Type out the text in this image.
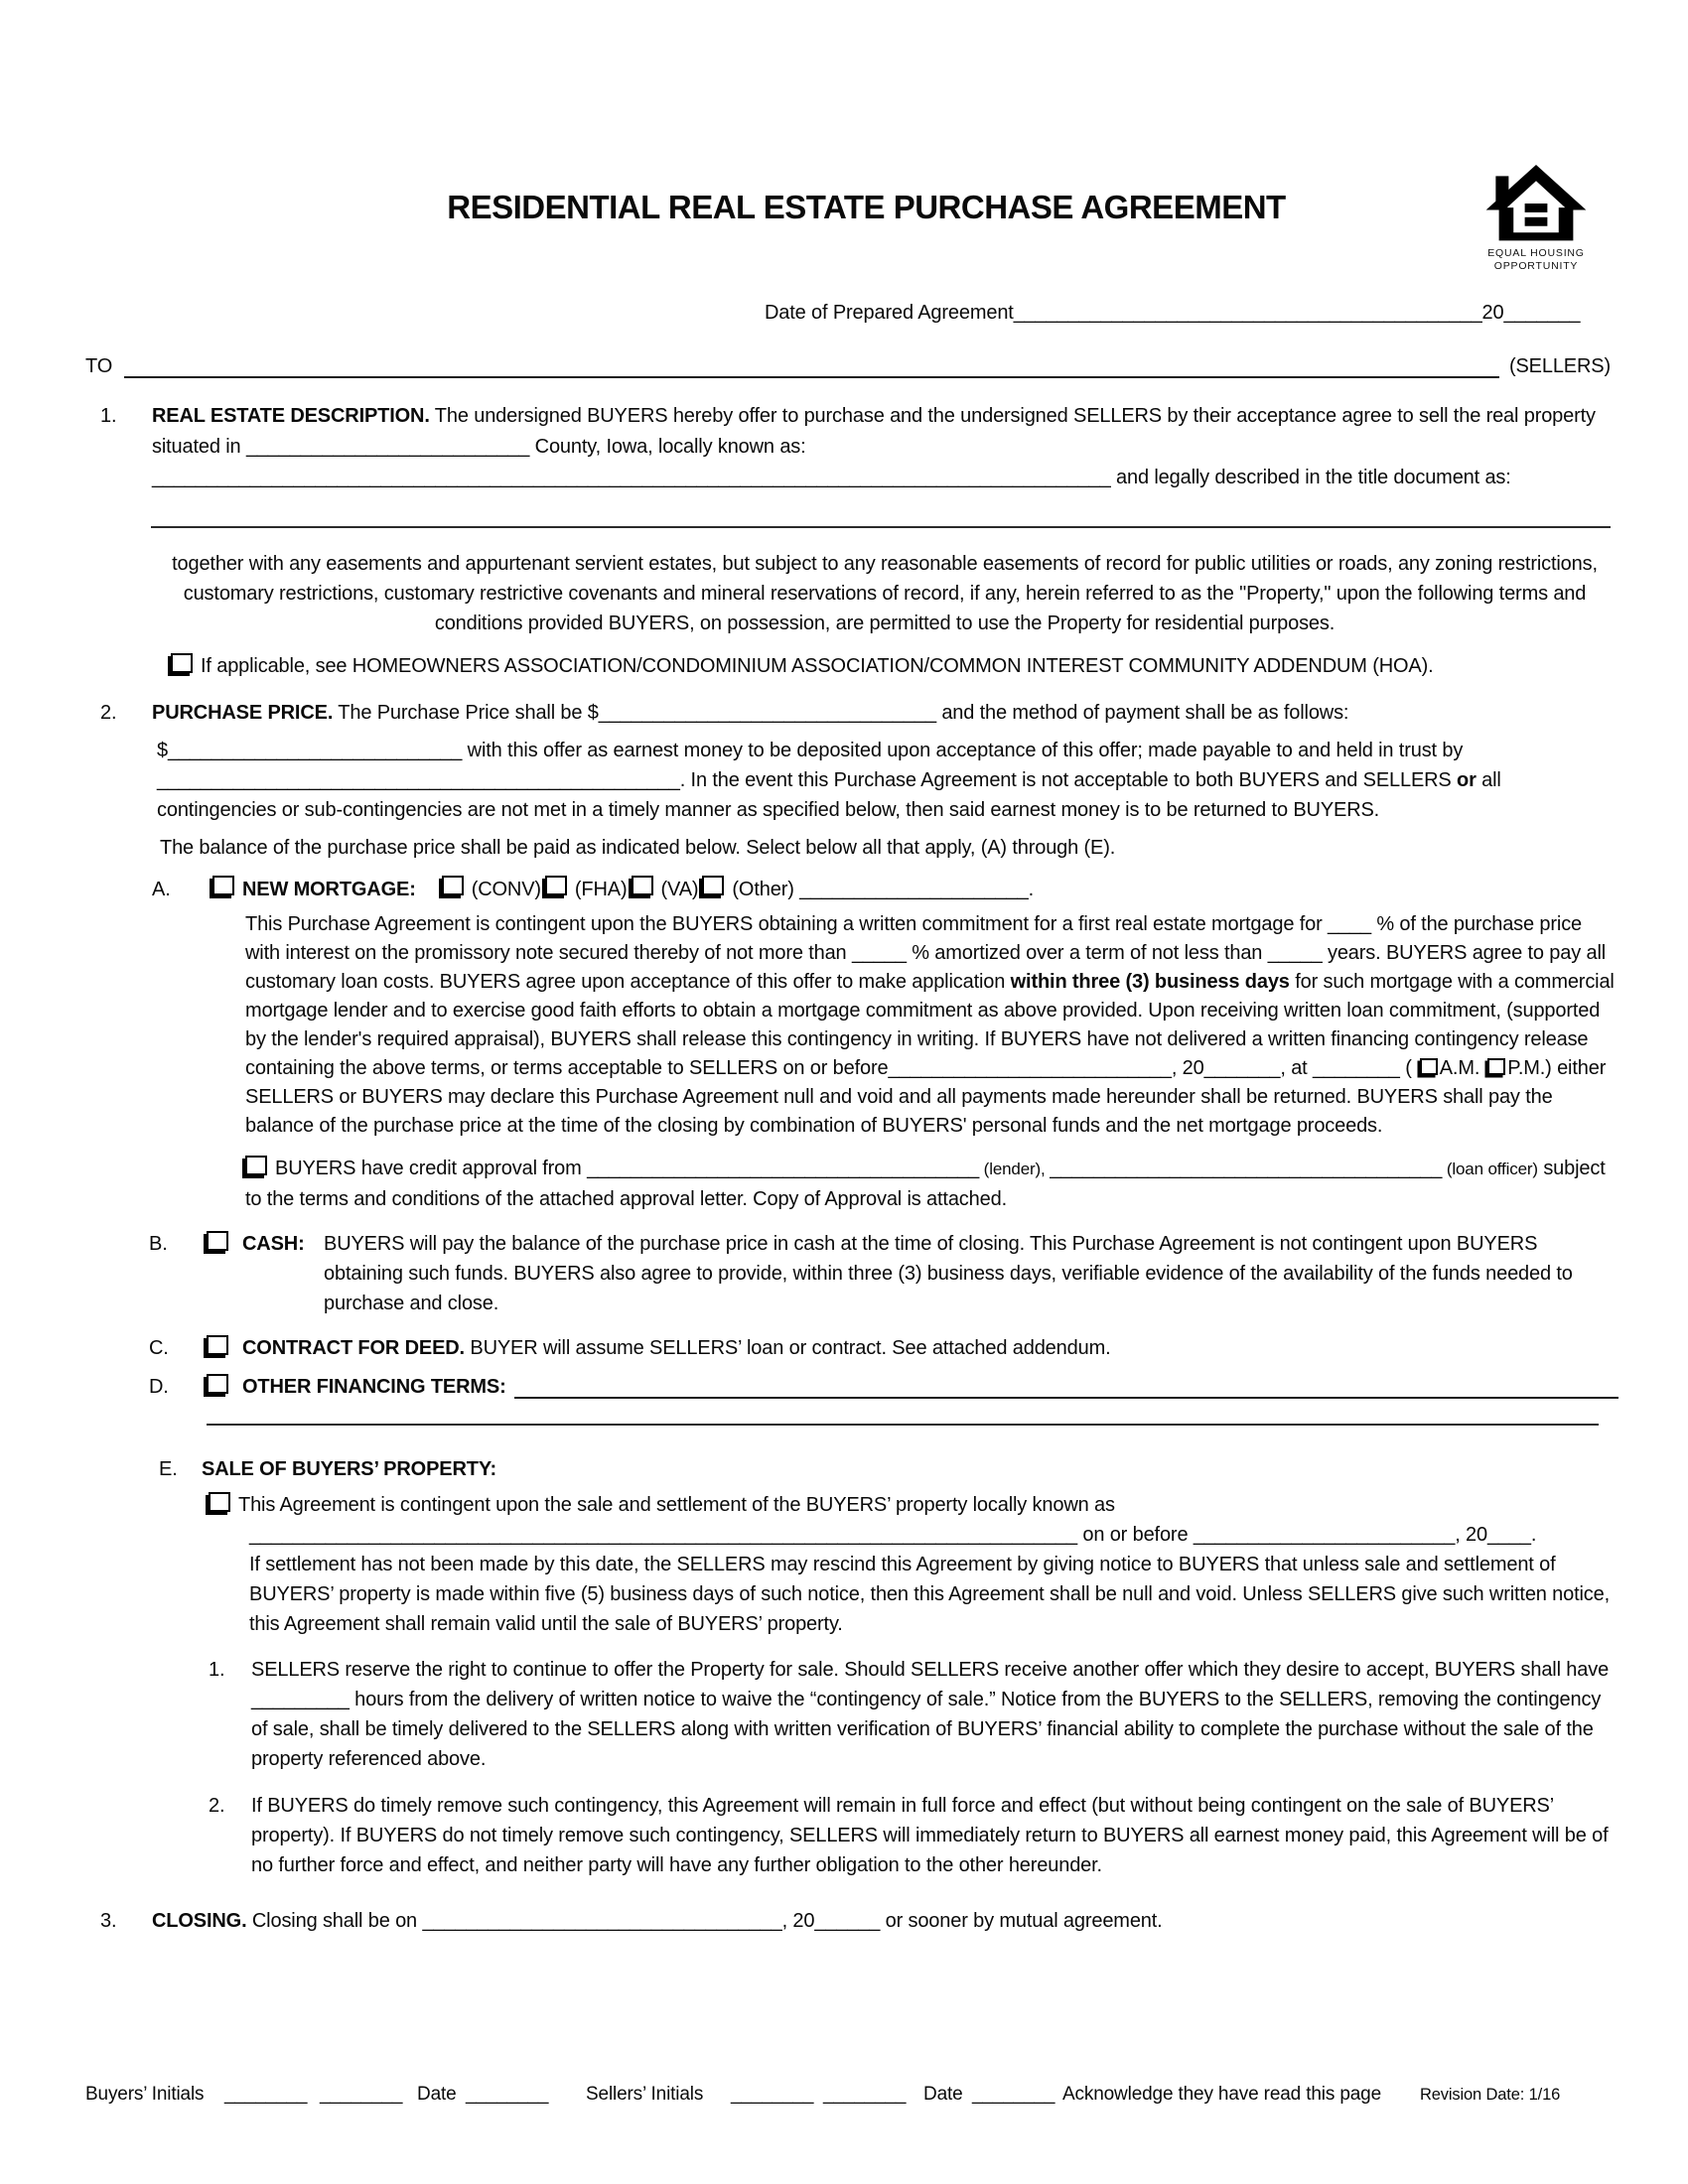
RESIDENTIAL REAL ESTATE PURCHASE AGREEMENT
EQUAL HOUSING
OPPORTUNITY
Date of Prepared Agreement___________________________________________20_______
TO	(SELLERS)
1. REAL ESTATE DESCRIPTION. The undersigned BUYERS hereby offer to purchase and the undersigned SELLERS by their acceptance agree to sell the real property situated in __________________________ County, Iowa, locally known as: ________________________________________________________________________________________ and legally described in the title document as:
together with any easements and appurtenant servient estates, but subject to any reasonable easements of record for public utilities or roads, any zoning restrictions, customary restrictions, customary restrictive covenants and mineral reservations of record, if any, herein referred to as the "Property," upon the following terms and conditions provided BUYERS, on possession, are permitted to use the Property for residential purposes.
If applicable, see HOMEOWNERS ASSOCIATION/CONDOMINIUM ASSOCIATION/COMMON INTEREST COMMUNITY ADDENDUM (HOA).
2. PURCHASE PRICE. The Purchase Price shall be $_______________________________ and the method of payment shall be as follows:
$___________________________ with this offer as earnest money to be deposited upon acceptance of this offer; made payable to and held in trust by ________________________________________________. In the event this Purchase Agreement is not acceptable to both BUYERS and SELLERS or all contingencies or sub-contingencies are not met in a timely manner as specified below, then said earnest money is to be returned to BUYERS.
The balance of the purchase price shall be paid as indicated below. Select below all that apply, (A) through (E).
A.	NEW MORTGAGE:	(CONV) (FHA) (VA) (Other)
_____________________ .
This Purchase Agreement is contingent upon the BUYERS obtaining a written commitment for a first real estate mortgage for ____ % of the purchase price with interest on the promissory note secured thereby of not more than _____ % amortized over a term of not less than _____ years. BUYERS agree to pay all customary loan costs. BUYERS agree upon acceptance of this offer to make application within three (3) business days for such mortgage with a commercial mortgage lender and to exercise good faith efforts to obtain a mortgage commitment as above provided. Upon receiving written loan commitment, (supported by the lender's required appraisal), BUYERS shall release this contingency in writing. If BUYERS have not delivered a written financing contingency release containing the above terms, or terms acceptable to SELLERS on or before__________________________, 20_______, at ________ ( A.M. P.M.) either SELLERS or BUYERS may declare this Purchase Agreement null and void and all payments made hereunder shall be returned. BUYERS shall pay the balance of the purchase price at the time of the closing by combination of BUYERS' personal funds and the net mortgage proceeds.
BUYERS have credit approval from ____________________________________ (lender), ____________________________________ (loan officer) subject to the terms and conditions of the attached approval letter. Copy of Approval is attached.
B.	CASH: BUYERS will pay the balance of the purchase price in cash at the time of closing. This Purchase Agreement is not contingent upon BUYERS obtaining such funds. BUYERS also agree to provide, within three (3) business days, verifiable evidence of the availability of the funds needed to purchase and close.
C.	CONTRACT FOR DEED. BUYER will assume SELLERS’ loan or contract. See attached addendum.
D.	OTHER FINANCING TERMS:
E.	SALE OF BUYERS’ PROPERTY:
This Agreement is contingent upon the sale and settlement of the BUYERS’ property locally known as
____________________________________________________________________________ on or before ________________________, 20____.
If settlement has not been made by this date, the SELLERS may rescind this Agreement by giving notice to BUYERS that unless sale and settlement of BUYERS’ property is made within five (5) business days of such notice, then this Agreement shall be null and void. Unless SELLERS give such written notice, this Agreement shall remain valid until the sale of BUYERS’ property.
1.	SELLERS reserve the right to continue to offer the Property for sale. Should SELLERS receive another offer which they desire to accept, BUYERS shall have _________ hours from the delivery of written notice to waive the “contingency of sale.” Notice from the BUYERS to the SELLERS, removing the contingency of sale, shall be timely delivered to the SELLERS along with written verification of BUYERS’ financial ability to complete the purchase without the sale of the property referenced above.
2.	If BUYERS do timely remove such contingency, this Agreement will remain in full force and effect (but without being contingent on the sale of BUYERS’ property). If BUYERS do not timely remove such contingency, SELLERS will immediately return to BUYERS all earnest money paid, this Agreement will be of no further force and effect, and neither party will have any further obligation to the other hereunder.
3. CLOSING. Closing shall be on _________________________________, 20______ or sooner by mutual agreement.
Buyers’ Initials ________ ________ Date ________ Sellers’ Initials ________ ________ Date ________ Acknowledge they have read this page Revision Date: 1/16
